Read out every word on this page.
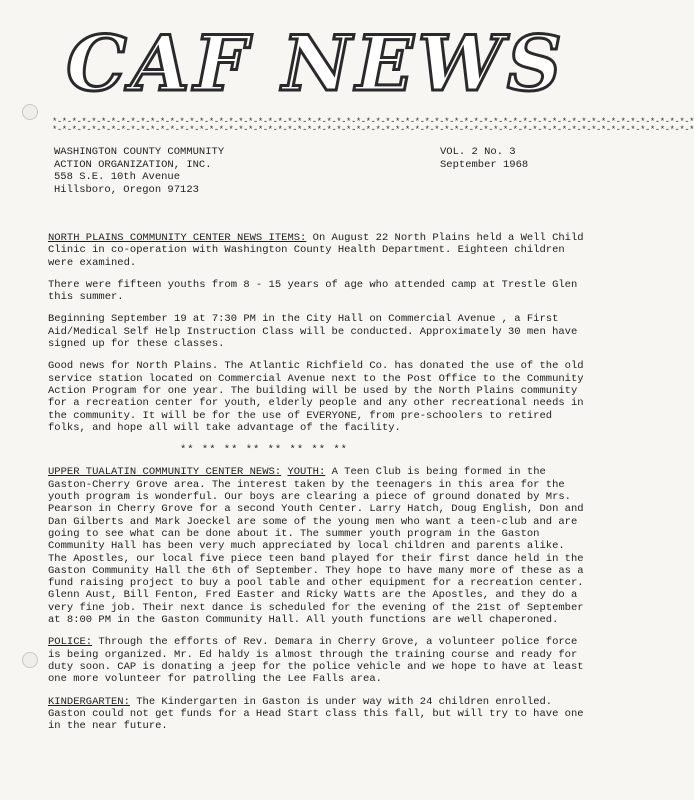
CAF NEWS
*-*-*-*-*-*-*-*-*-*-*-*-*-*-*-*-*-*-*-*-*-*-*-*-*-*-*-*-*-*-*-*-*-*-*-*-*-*-*-*-*-*-*-*-*-*-*-*-*-*-*-*-*-*-*-*-*-*-*-*-*-*-*-*-*-*
*-*-*-*-*-*-*-*-*-*-*-*-*-*-*-*-*-*-*-*-*-*-*-*-*-*-*-*-*-*-*-*-*-*-*-*-*-*-*-*-*-*-*-*-*-*-*-*-*-*-*-*-*-*-*-*-*-*-*-*-*-*-*-*-*-*
WASHINGTON COUNTY COMMUNITY
ACTION ORGANIZATION, INC.
558 S.E. 10th Avenue
Hillsboro, Oregon 97123
VOL. 2 No. 3
September 1968

NORTH PLAINS COMMUNITY CENTER NEWS ITEMS: On August 22 North Plains held a Well Child Clinic in co-operation with Washington County Health Department. Eighteen children were examined.

There were fifteen youths from 8 - 15 years of age who attended camp at Trestle Glen this summer.

Beginning September 19 at 7:30 PM in the City Hall on Commercial Avenue , a First Aid/Medical Self Help Instruction Class will be conducted. Approximately 30 men have signed up for these classes.

Good news for North Plains. The Atlantic Richfield Co. has donated the use of the old service station located on Commercial Avenue next to the Post Office to the Community Action Program for one year. The building will be used by the North Plains community for a recreation center for youth, elderly people and any other recreational needs in the community. It will be for the use of EVERYONE, from pre-schoolers to retired folks, and hope all will take advantage of the facility.

** ** ** ** ** ** ** **

UPPER TUALATIN COMMUNITY CENTER NEWS: YOUTH: A Teen Club is being formed in the Gaston-Cherry Grove area. The interest taken by the teenagers in this area for the youth program is wonderful. Our boys are clearing a piece of ground donated by Mrs. Pearson in Cherry Grove for a second Youth Center. Larry Hatch, Doug English, Don and Dan Gilberts and Mark Joeckel are some of the young men who want a teen-club and are going to see what can be done about it. The summer youth program in the Gaston Community Hall has been very much appreciated by local children and parents alike. The Apostles, our local five piece teen band played for their first dance held in the Gaston Community Hall the 6th of September. They hope to have many more of these as a fund raising project to buy a pool table and other equipment for a recreation center. Glenn Aust, Bill Fenton, Fred Easter and Ricky Watts are the Apostles, and they do a very fine job. Their next dance is scheduled for the evening of the 21st of September at 8:00 PM in the Gaston Community Hall. All youth functions are well chaperoned.

POLICE: Through the efforts of Rev. Demara in Cherry Grove, a volunteer police force is being organized. Mr. Ed haldy is almost through the training course and ready for duty soon. CAP is donating a jeep for the police vehicle and we hope to have at least one more volunteer for patrolling the Lee Falls area.

KINDERGARTEN: The Kindergarten in Gaston is under way with 24 children enrolled. Gaston could not get funds for a Head Start class this fall, but will try to have one in the near future.
